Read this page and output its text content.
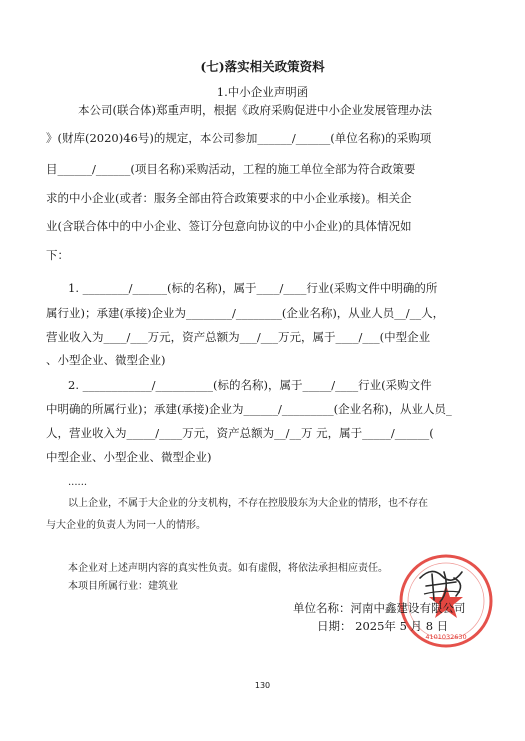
(七)落实相关政策资料
1.中小企业声明函
本公司(联合体)郑重声明，根据《政府采购促进中小企业发展管理办法
》(财库(2020)46号)的规定，本公司参加______/______(单位名称)的采购项
目______/______(项目名称)采购活动，工程的施工单位全部为符合政策要
求的中小企业(或者：服务全部由符合政策要求的中小企业承接)。相关企
业(含联合体中的中小企业、签订分包意向协议的中小企业)的具体情况如
下：
1. ________/______(标的名称)，属于____/____行业(采购文件中明确的所
属行业)；承建(承接)企业为________/________(企业名称)，从业人员__/__人，
营业收入为____/___万元，资产总额为___/___万元，属于____/___(中型企业
、小型企业、微型企业)
2. ____________/__________(标的名称)，属于_____/____行业(采购文件
中明确的所属行业)；承建(承接)企业为______/_________(企业名称)，从业人员_
人，营业收入为_____/____万元，资产总额为__/__万 元，属于_____/______(
中型企业、小型企业、微型企业)
......
以上企业，不属于大企业的分支机构，不存在控股股东为大企业的情形，也不存在
与大企业的负责人为同一人的情形。
本企业对上述声明内容的真实性负责。如有虚假，将依法承担相应责任。
本项目所属行业：建筑业
4101032630
单位名称：河南中鑫建设有限公司
日期： 2025年 5 月 8 日
130
